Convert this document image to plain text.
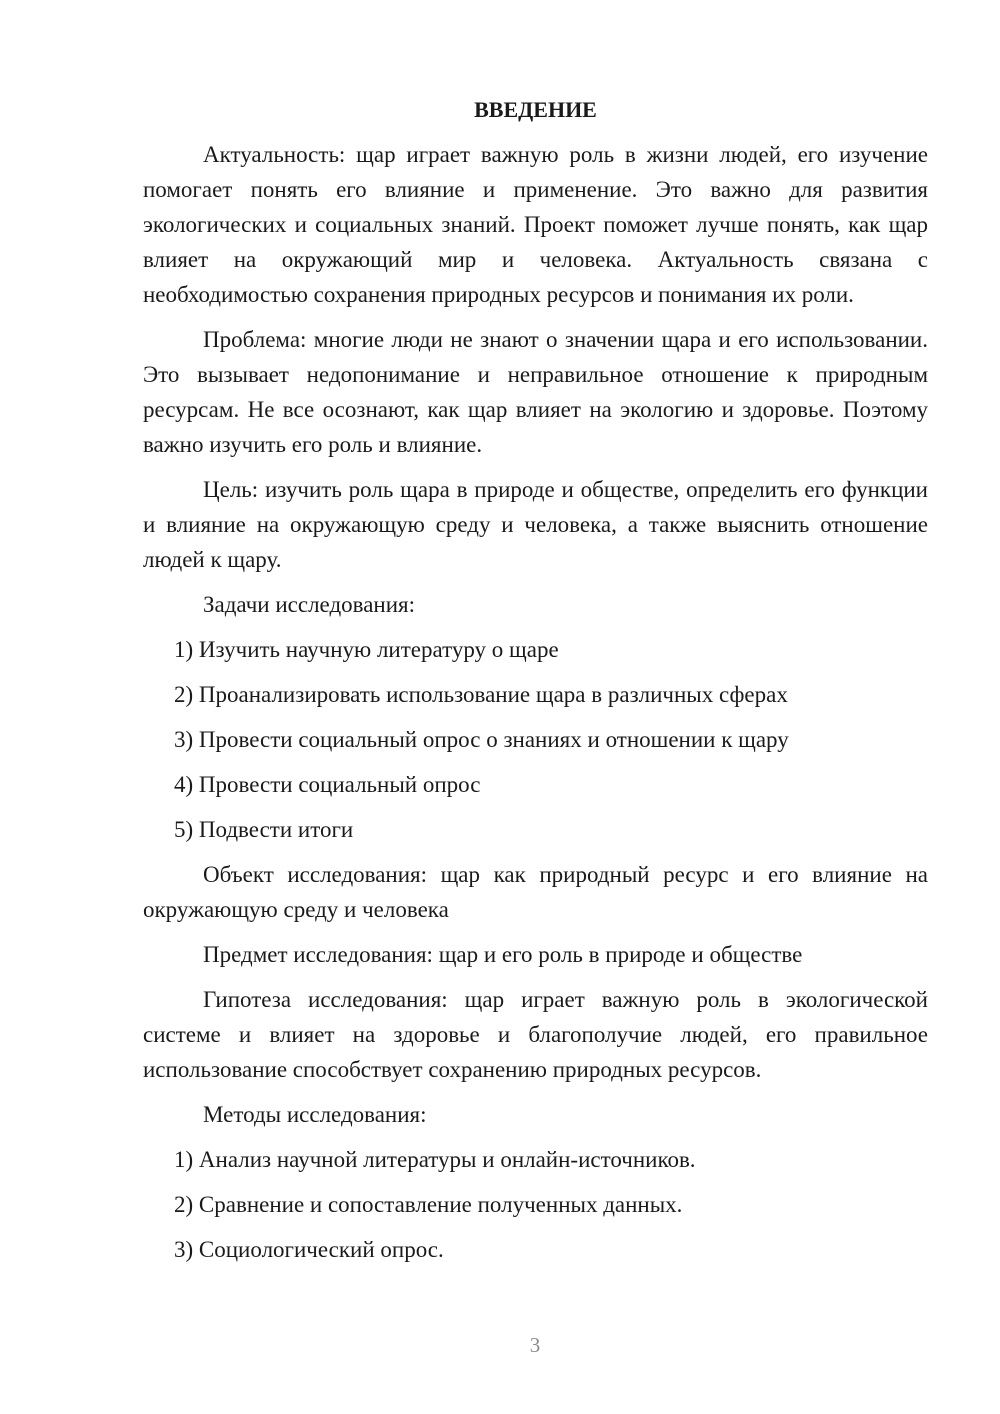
ВВЕДЕНИЕ

Актуальность: щар играет важную роль в жизни людей, его изучение помогает понять его влияние и применение. Это важно для развития экологических и социальных знаний. Проект поможет лучше понять, как щар влияет на окружающий мир и человека. Актуальность связана с необходимостью сохранения природных ресурсов и понимания их роли.

Проблема: многие люди не знают о значении щара и его использовании. Это вызывает недопонимание и неправильное отношение к природным ресурсам. Не все осознают, как щар влияет на экологию и здоровье. Поэтому важно изучить его роль и влияние.

Цель: изучить роль щара в природе и обществе, определить его функции и влияние на окружающую среду и человека, а также выяснить отношение людей к щару.

Задачи исследования:

1) Изучить научную литературу о щаре
2) Проанализировать использование щара в различных сферах
3) Провести социальный опрос о знаниях и отношении к щару
4) Провести социальный опрос
5) Подвести итоги

Объект исследования: щар как природный ресурс и его влияние на окружающую среду и человека

Предмет исследования: щар и его роль в природе и обществе

Гипотеза исследования: щар играет важную роль в экологической системе и влияет на здоровье и благополучие людей, его правильное использование способствует сохранению природных ресурсов.

Методы исследования:

1) Анализ научной литературы и онлайн-источников.
2) Сравнение и сопоставление полученных данных.
3) Социологический опрос.
3
